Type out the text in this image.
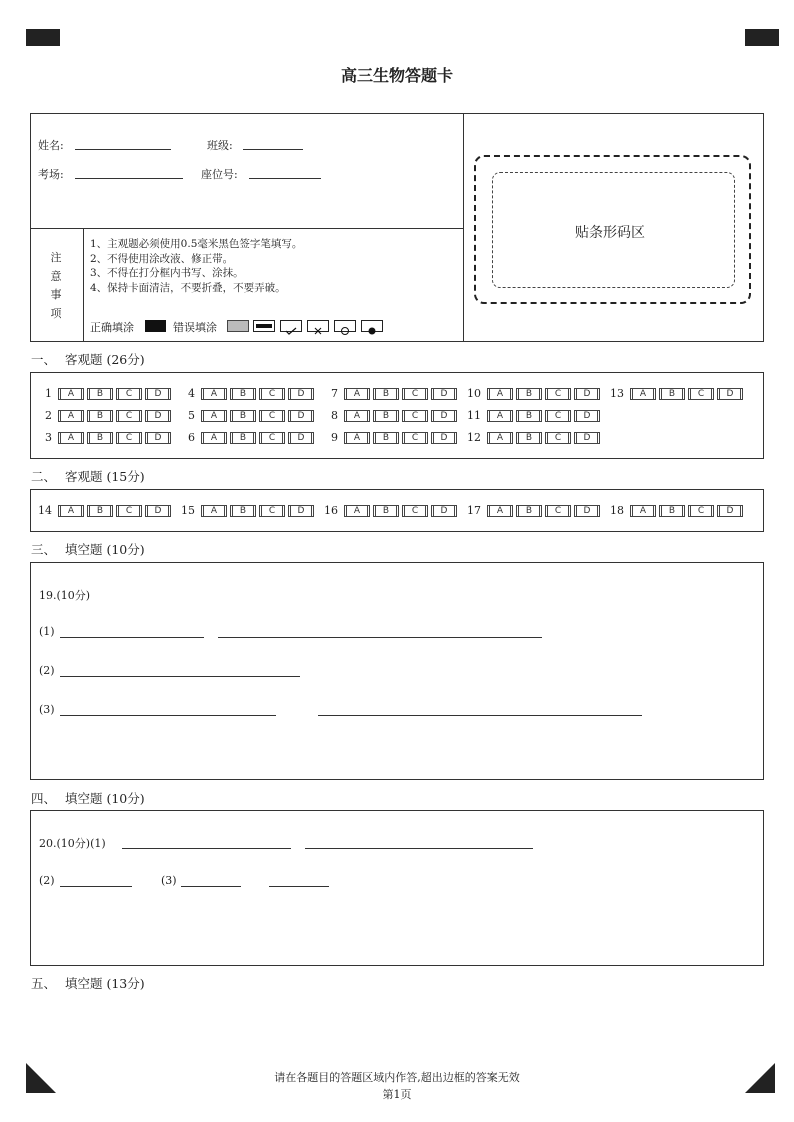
高三生物答题卡
姓名:	班级:
考场:	座位号:
贴条形码区
注
意
事
项
1、主观题必须使用0.5毫米黑色签字笔填写。
2、不得使用涂改液、修正带。
3、不得在打分框内书写、涂抹。
4、保持卡面清洁，不要折叠，不要弄破。
正确填涂	错误填涂
一、 客观题 (26分)
1	A	B	C	D
2	A	B	C	D
3	A	B	C	D
4	A	B	C	D
5	A	B	C	D
6	A	B	C	D
7	A	B	C	D
8	A	B	C	D
9	A	B	C	D
10	A	B	C	D
11	A	B	C	D
12	A	B	C	D
13	A	B	C	D
二、 客观题 (15分)
14	A	B	C	D	15	A	B	C	D	16	A	B	C	D	17	A	B	C	D	18	A	B	C	D
三、 填空题 (10分)
19.(10分)
(1)
(2)
(3)
四、 填空题 (10分)
20.(10分)(1)
(2)	(3)
五、 填空题 (13分)
请在各题目的答题区域内作答,超出边框的答案无效
第1页
